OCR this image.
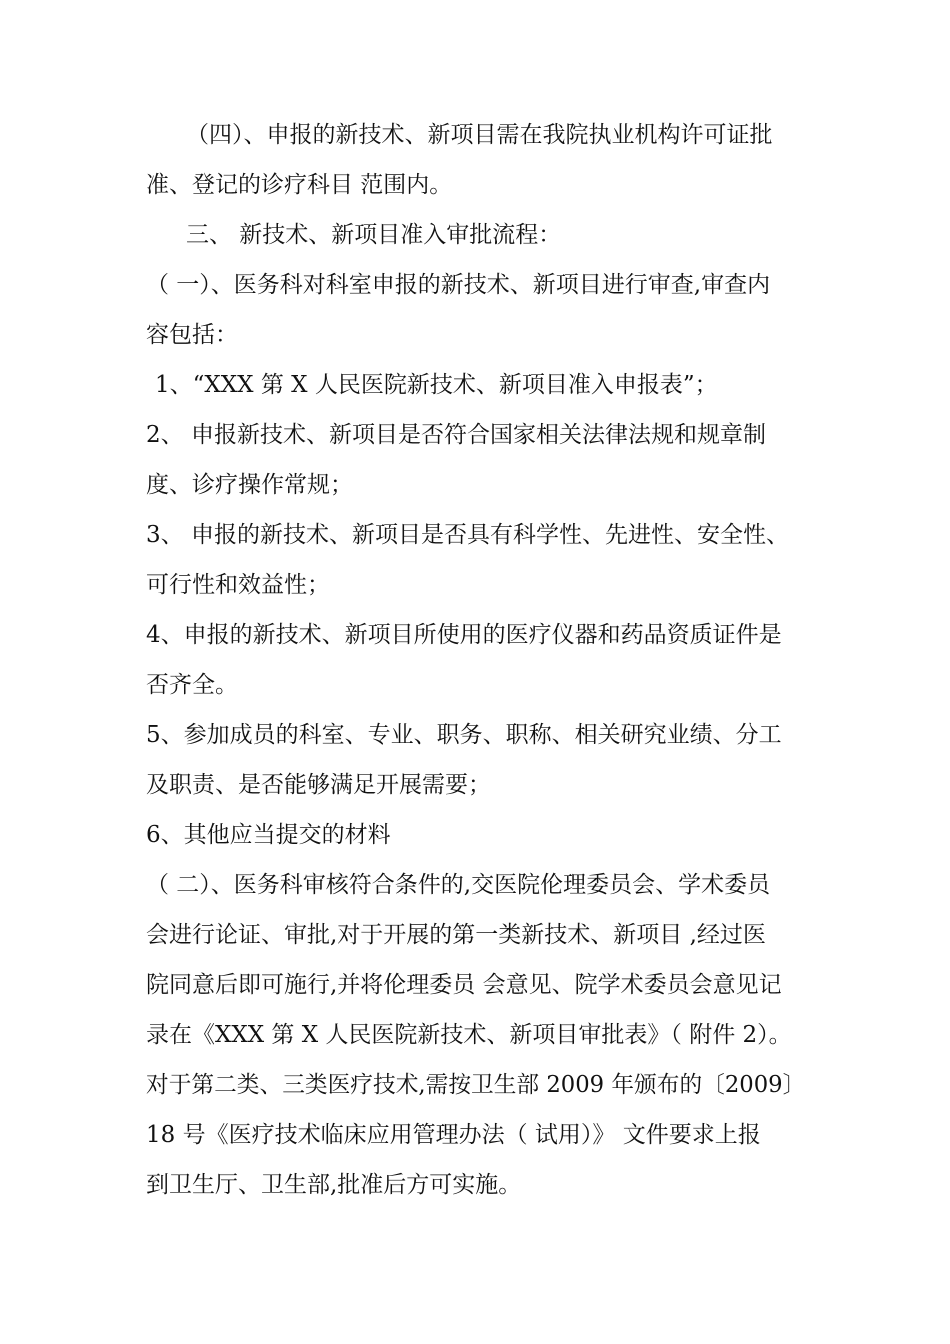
（四）、申报的新技术、新项目需在我院执业机构许可证批
准、登记的诊疗科目 范围内。
三、 新技术、新项目准入审批流程：
（ 一）、医务科对科室申报的新技术、新项目进行审查,审查内
容包括：
1、“XXX 第 X 人民医院新技术、新项目准入申报表”；
2、 申报新技术、新项目是否符合国家相关法律法规和规章制
度、诊疗操作常规；
3、 申报的新技术、新项目是否具有科学性、先进性、安全性、
可行性和效益性；
4、申报的新技术、新项目所使用的医疗仪器和药品资质证件是
否齐全。
5、参加成员的科室、专业、职务、职称、相关研究业绩、分工
及职责、是否能够满足开展需要；
6、其他应当提交的材料
（ 二）、医务科审核符合条件的,交医院伦理委员会、学术委员
会进行论证、审批,对于开展的第一类新技术、新项目 ,经过医
院同意后即可施行,并将伦理委员 会意见、院学术委员会意见记
录在《XXX 第 X 人民医院新技术、新项目审批表》（ 附件 2）。
对于第二类、三类医疗技术,需按卫生部 2009 年颁布的〔2009〕
18 号《医疗技术临床应用管理办法（ 试用）》 文件要求上报
到卫生厅、卫生部,批准后方可实施。
